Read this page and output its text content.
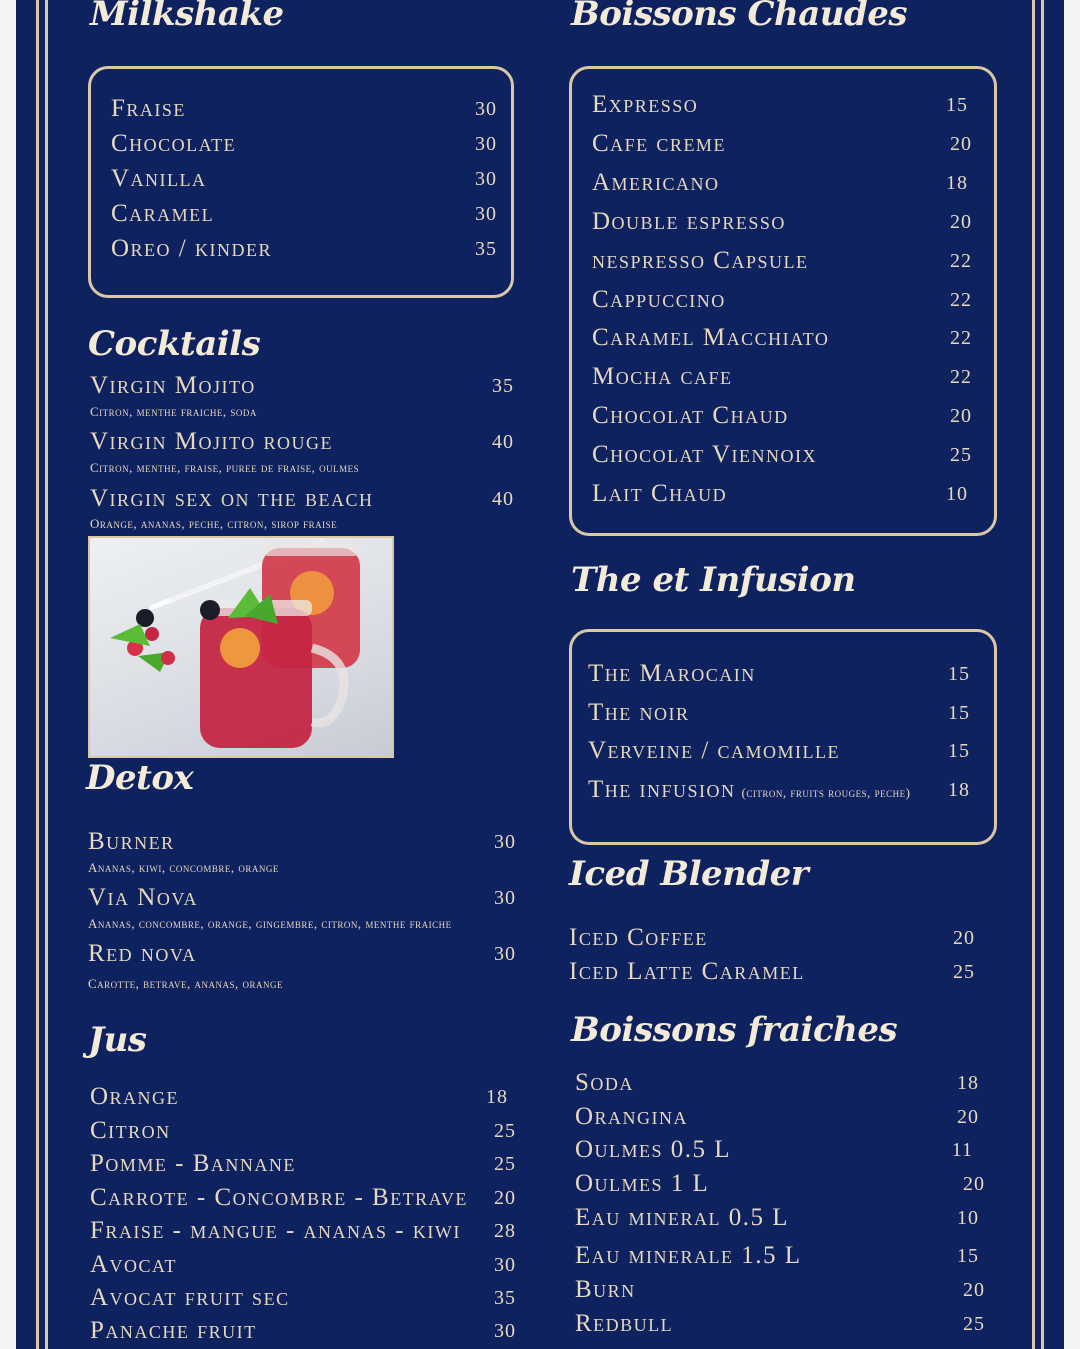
Milkshake
Fraise	30
Chocolate	30
Vanilla	30
Caramel	30
Oreo / kinder	35
Cocktails
Virgin Mojito	35
Citron, menthe fraiche, soda
Virgin Mojito rouge	40
Citron, menthe, fraise, puree de fraise, oulmes
Virgin sex on the beach	40
Orange, ananas, peche, citron, sirop fraise
Detox
Burner	30
Ananas, kiwi, concombre, orange
Via Nova	30
Ananas, concombre, orange, gingembre, citron, menthe fraiche
Red nova	30
Carotte, betrave, ananas, orange
Jus
Orange	18
Citron	25
Pomme - Bannane	25
Carrote - Concombre - Betrave 20
Fraise - mangue - ananas - kiwi 28
Avocat	30
Avocat fruit sec	35
Panache fruit	30
Boissons Chaudes
Expresso	15
Cafe creme	20
Americano	18
Double espresso	20
nespresso Capsule	22
Cappuccino	22
Caramel Macchiato	22
Mocha cafe	22
Chocolat Chaud	20
Chocolat Viennoix	25
Lait Chaud	10
The et Infusion
The Marocain	15
The noir	15
Verveine / camomille	15
The infusion (citron, fruits rouges, peche) 18
Iced Blender
Iced Coffee	20
Iced Latte Caramel	25
Boissons fraiches
Soda	18
Orangina	20
Oulmes 0.5 L	11
Oulmes 1 L	20
Eau mineral 0.5 L	10
Eau minerale 1.5 L	15
Burn	20
Redbull	25
